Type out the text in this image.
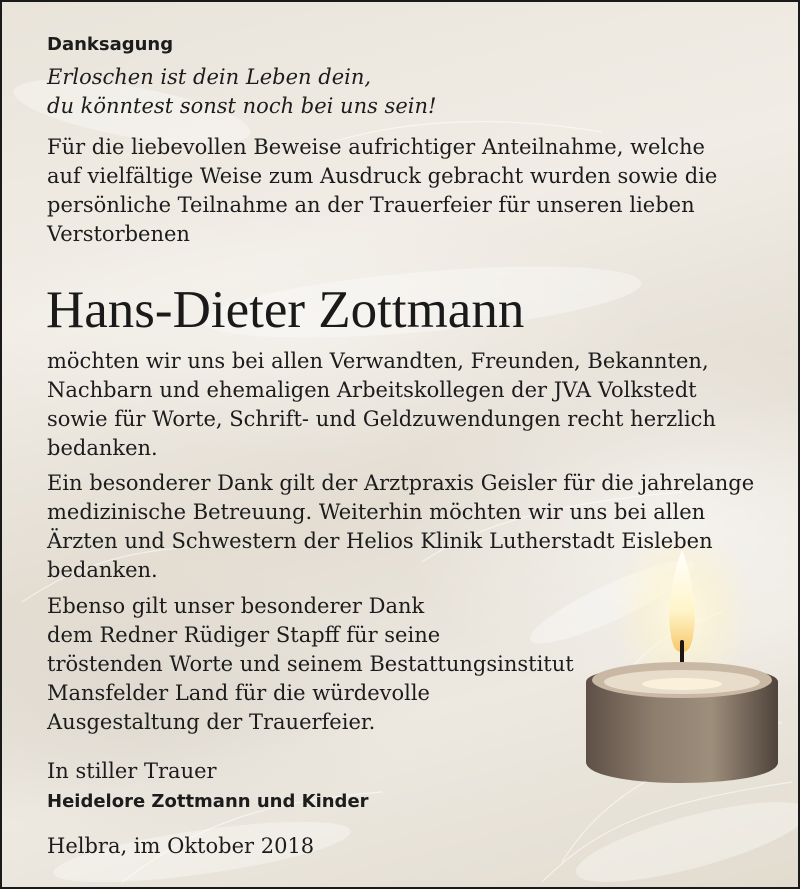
Danksagung
Erloschen ist dein Leben dein,
du könntest sonst noch bei uns sein!
Für die liebevollen Beweise aufrichtiger Anteilnahme, welche
auf vielfältige Weise zum Ausdruck gebracht wurden sowie die
persönliche Teilnahme an der Trauerfeier für unseren lieben
Verstorbenen
Hans-Dieter Zottmann
möchten wir uns bei allen Verwandten, Freunden, Bekannten,
Nachbarn und ehemaligen Arbeitskollegen der JVA Volkstedt
sowie für Worte, Schrift- und Geldzuwendungen recht herzlich
bedanken.
Ein besonderer Dank gilt der Arztpraxis Geisler für die jahrelange
medizinische Betreuung. Weiterhin möchten wir uns bei allen
Ärzten und Schwestern der Helios Klinik Lutherstadt Eisleben
bedanken.
Ebenso gilt unser besonderer Dank
dem Redner Rüdiger Stapff für seine
tröstenden Worte und seinem Bestattungsinstitut
Mansfelder Land für die würdevolle
Ausgestaltung der Trauerfeier.
In stiller Trauer
Heidelore Zottmann und Kinder
Helbra, im Oktober 2018
